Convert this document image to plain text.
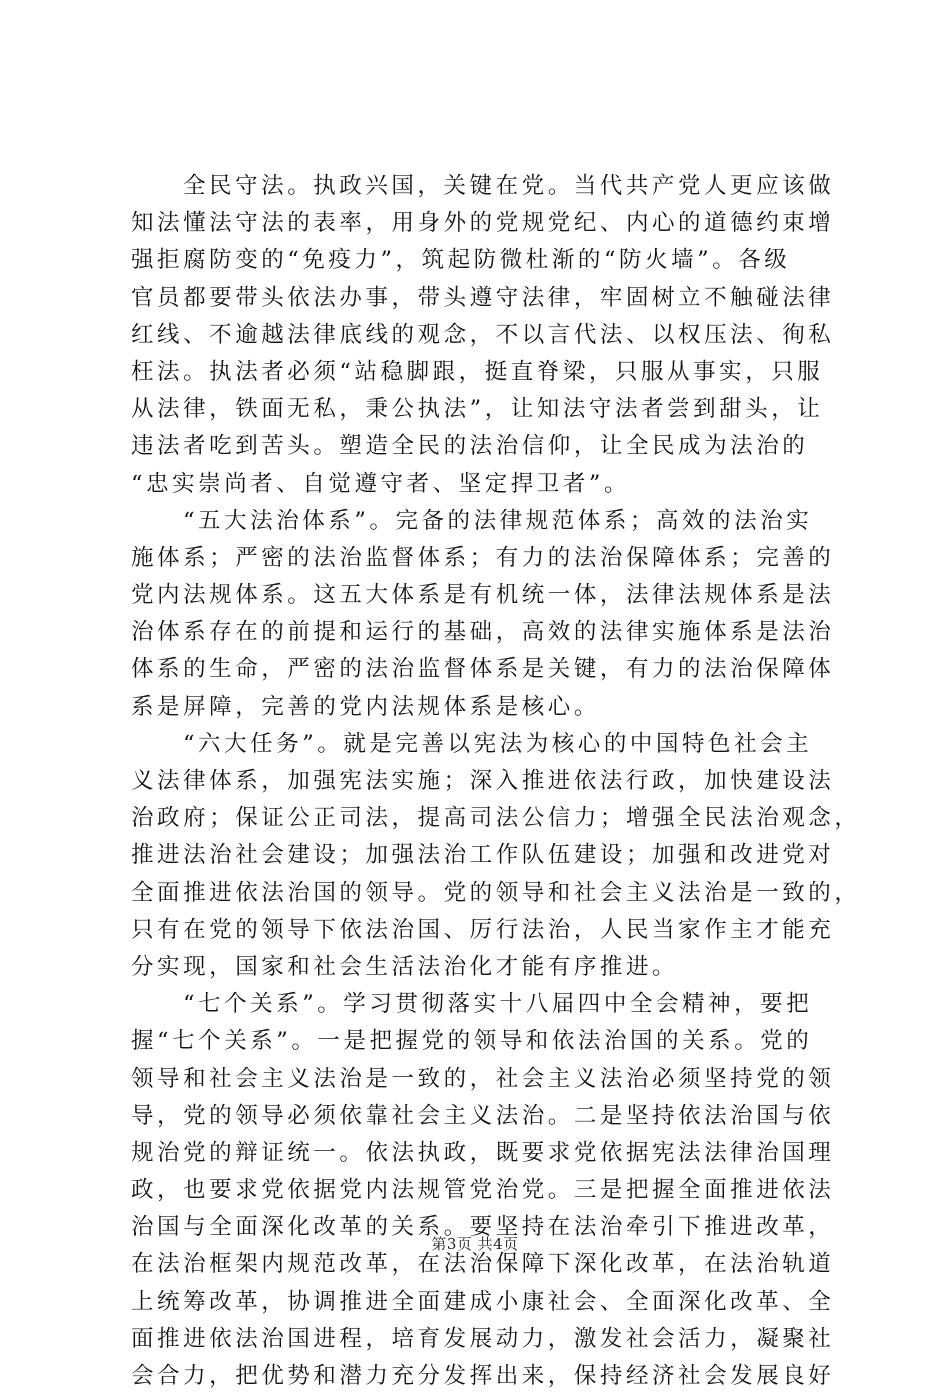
全民守法。执政兴国，关键在党。当代共产党人更应该做
知法懂法守法的表率，用身外的党规党纪、内心的道德约束增
强拒腐防变的“免疫力”，筑起防微杜渐的“防火墙”。各级
官员都要带头依法办事，带头遵守法律，牢固树立不触碰法律
红线、不逾越法律底线的观念，不以言代法、以权压法、徇私
枉法。执法者必须“站稳脚跟，挺直脊梁，只服从事实，只服
从法律，铁面无私，秉公执法”，让知法守法者尝到甜头，让
违法者吃到苦头。塑造全民的法治信仰，让全民成为法治的
“忠实崇尚者、自觉遵守者、坚定捍卫者”。
“五大法治体系”。完备的法律规范体系；高效的法治实
施体系；严密的法治监督体系；有力的法治保障体系；完善的
党内法规体系。这五大体系是有机统一体，法律法规体系是法
治体系存在的前提和运行的基础，高效的法律实施体系是法治
体系的生命，严密的法治监督体系是关键，有力的法治保障体
系是屏障，完善的党内法规体系是核心。
“六大任务”。就是完善以宪法为核心的中国特色社会主
义法律体系，加强宪法实施；深入推进依法行政，加快建设法
治政府；保证公正司法，提高司法公信力；增强全民法治观念，
推进法治社会建设；加强法治工作队伍建设；加强和改进党对
全面推进依法治国的领导。党的领导和社会主义法治是一致的，
只有在党的领导下依法治国、厉行法治，人民当家作主才能充
分实现，国家和社会生活法治化才能有序推进。
“七个关系”。学习贯彻落实十八届四中全会精神，要把
握“七个关系”。一是把握党的领导和依法治国的关系。党的
领导和社会主义法治是一致的，社会主义法治必须坚持党的领
导，党的领导必须依靠社会主义法治。二是坚持依法治国与依
规治党的辩证统一。依法执政，既要求党依据宪法法律治国理
政，也要求党依据党内法规管党治党。三是把握全面推进依法
治国与全面深化改革的关系。要坚持在法治牵引下推进改革，
在法治框架内规范改革，在法治保障下深化改革，在法治轨道
上统筹改革，协调推进全面建成小康社会、全面深化改革、全
面推进依法治国进程，培育发展动力，激发社会活力，凝聚社
会合力，把优势和潜力充分发挥出来，保持经济社会发展良好
第3页 共4页
